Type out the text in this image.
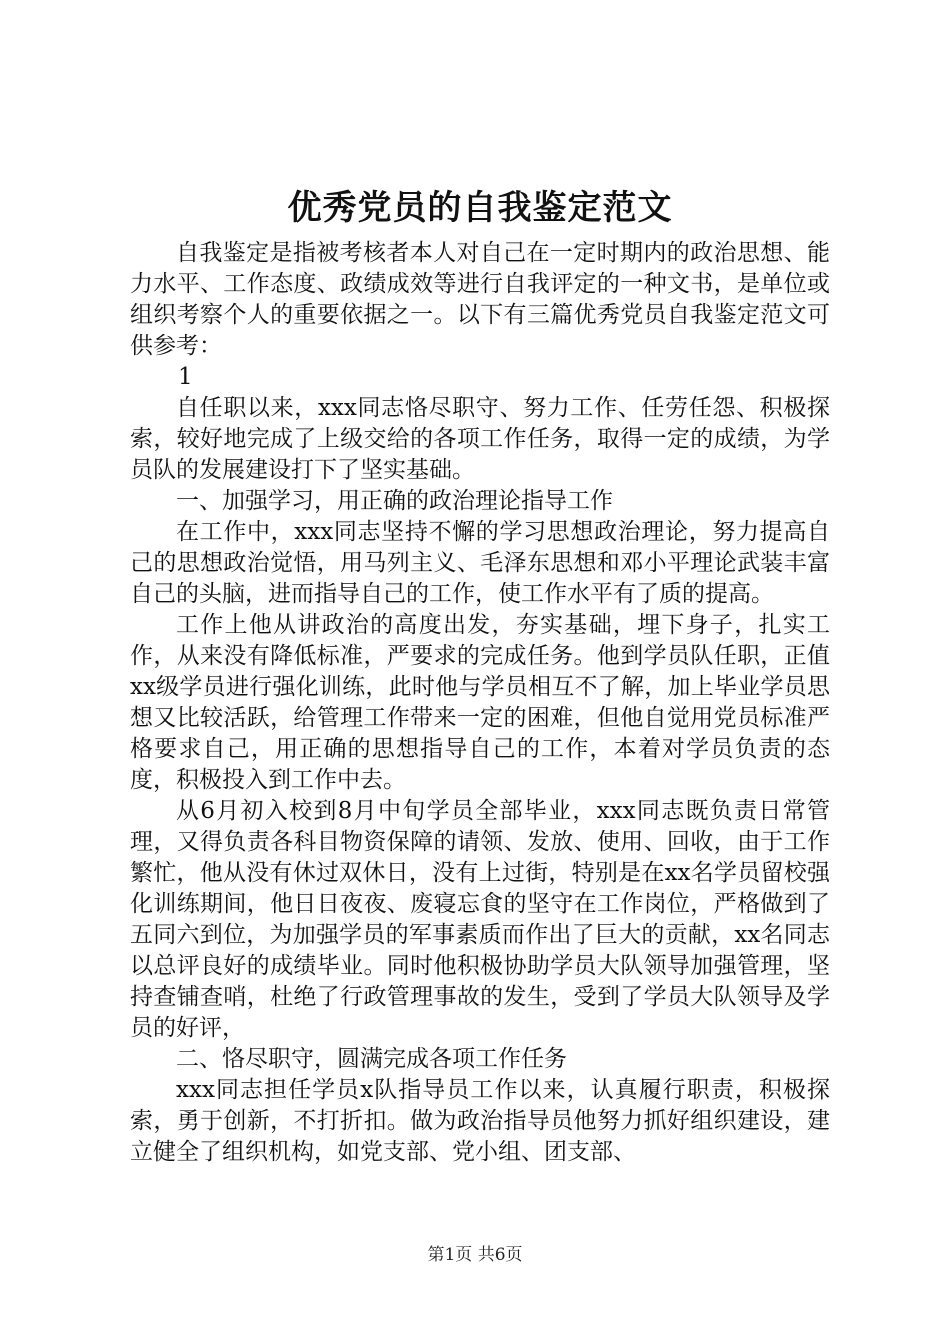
优秀党员的自我鉴定范文

自我鉴定是指被考核者本人对自己在一定时期内的政治思想、能力水平、工作态度、政绩成效等进行自我评定的一种文书，是单位或组织考察个人的重要依据之一。以下有三篇优秀党员自我鉴定范文可供参考：

1

自任职以来，xxx同志恪尽职守、努力工作、任劳任怨、积极探索，较好地完成了上级交给的各项工作任务，取得一定的成绩，为学员队的发展建设打下了坚实基础。

一、加强学习，用正确的政治理论指导工作

在工作中，xxx同志坚持不懈的学习思想政治理论，努力提高自己的思想政治觉悟，用马列主义、毛泽东思想和邓小平理论武装丰富自己的头脑，进而指导自己的工作，使工作水平有了质的提高。

工作上他从讲政治的高度出发，夯实基础，埋下身子，扎实工作，从来没有降低标准，严要求的完成任务。他到学员队任职，正值xx级学员进行强化训练，此时他与学员相互不了解，加上毕业学员思想又比较活跃，给管理工作带来一定的困难，但他自觉用党员标准严格要求自己，用正确的思想指导自己的工作，本着对学员负责的态度，积极投入到工作中去。

从6月初入校到8月中旬学员全部毕业，xxx同志既负责日常管理，又得负责各科目物资保障的请领、发放、使用、回收，由于工作繁忙，他从没有休过双休日，没有上过街，特别是在xx名学员留校强化训练期间，他日日夜夜、废寝忘食的坚守在工作岗位，严格做到了五同六到位，为加强学员的军事素质而作出了巨大的贡献，xx名同志以总评良好的成绩毕业。同时他积极协助学员大队领导加强管理，坚持查铺查哨，杜绝了行政管理事故的发生，受到了学员大队领导及学员的好评，

二、恪尽职守，圆满完成各项工作任务

xxx同志担任学员x队指导员工作以来，认真履行职责，积极探索，勇于创新，不打折扣。做为政治指导员他努力抓好组织建设，建立健全了组织机构，如党支部、党小组、团支部、

第1页 共6页
